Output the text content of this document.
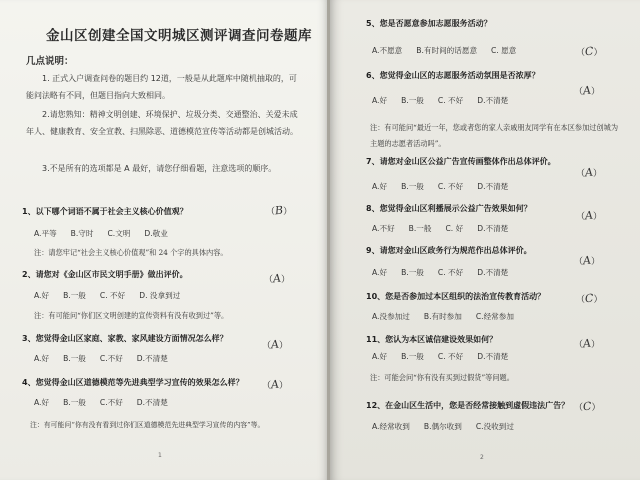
金山区创建全国文明城区测评调查问卷题库
几点说明：
1. 正式入户调查问卷的题目约 12道，一般是从此题库中随机抽取的，可能问法略有不同，但题目指向大致相同。
2.请您熟知：精神文明创建、环境保护、垃圾分类、交通整治、关爱未成年人、健康教育、安全宣教、扫黑除恶、道德模范宣传等活动都是创城活动。
3.不是所有的选项都是 A 最好，请您仔细看题，注意选项的顺序。
1、以下哪个词语不属于社会主义核心价值观？	（B）
A.平等 B.守时 C.文明 D.敬业
注：请您牢记“社会主义核心价值观”和 24 个字的具体内容。
2、请您对《金山区市民文明手册》做出评价。
（A）
A.好 B.一般 C. 不好 D. 没拿到过
注：有可能问“你们区文明创建的宣传资料有没有收到过”等。
3、您觉得金山区家庭、家教、家风建设方面情况怎么样？
（A）
A.好 B.一般 C.不好 D.不清楚
4、您觉得金山区道德模范等先进典型学习宣传的效果怎么样？ （A）
A.好 B.一般 C.不好 D.不清楚
注：有可能问“你有没有看到过你们区道德模范先进典型学习宣传的内容”等。
1
5、您是否愿意参加志愿服务活动？
（C）
A.不愿意 B.有时间的话愿意 C. 愿意
6、您觉得金山区的志愿服务活动氛围是否浓厚？
（A）
A.好 B.一般 C. 不好 D.不清楚
注：有可能问“最近一年，您或者您的家人亲戚朋友同学有在本区参加过创城为主题的志愿者活动吗”。
7、请您对金山区公益广告宣传画整体作出总体评价。
（A）
A.好 B.一般 C. 不好 D.不清楚
8、您觉得金山区利播展示公益广告效果如何？
（A）
A.不好 B.一般 C. 好 D.不清楚
9、请您对金山区政务行为规范作出总体评价。
（A）
A.好 B.一般 C. 不好 D.不清楚
10、您是否参加过本区组织的法治宣传教育活动？	（C）
A.没参加过 B.有时参加 C.经常参加
11、您认为本区诚信建设效果如何？
（A）
A.好 B.一般 C. 不好 D.不清楚
注：可能会问“你有没有买到过假货”等问题。
12、在金山区生活中，您是否经常接触到虚假违法广告？ （C）
A.经常收到 B.偶尔收到 C.没收到过
2
